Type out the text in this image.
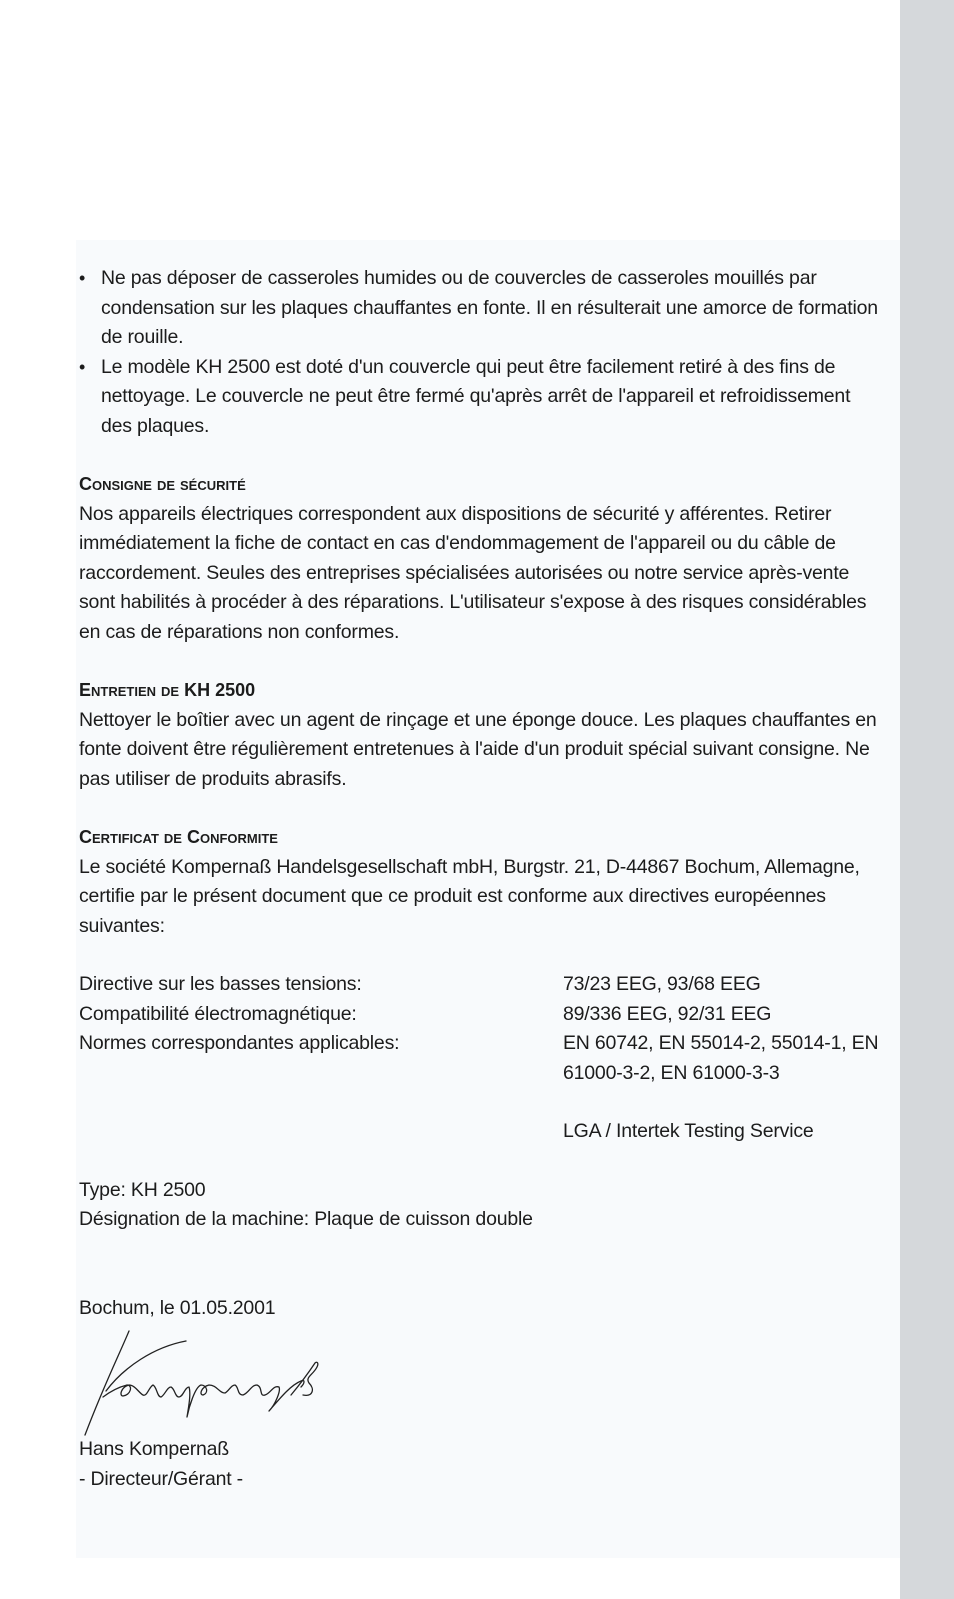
• Ne pas déposer de casseroles humides ou de couvercles de casseroles mouillés par condensation sur les plaques chauffantes en fonte. Il en résulterait une amorce de formation de rouille.
• Le modèle KH 2500 est doté d'un couvercle qui peut être facilement retiré à des fins de nettoyage. Le couvercle ne peut être fermé qu'après arrêt de l'appareil et refroidissement des plaques.
Consigne de sécurité

Nos appareils électriques correspondent aux dispositions de sécurité y afférentes. Retirer immédiatement la fiche de contact en cas d'endommagement de l'appareil ou du câble de raccordement. Seules des entreprises spécialisées autorisées ou notre service après-vente sont habilités à procéder à des réparations. L'utilisateur s'expose à des risques considérables en cas de réparations non conformes.

Entretien de KH 2500

Nettoyer le boîtier avec un agent de rinçage et une éponge douce. Les plaques chauffantes en fonte doivent être régulièrement entretenues à l'aide d'un produit spécial suivant consigne. Ne pas utiliser de produits abrasifs.

Certificat de Conformite

Le société Kompernaß Handelsgesellschaft mbH, Burgstr. 21, D-44867 Bochum, Allemagne, certifie par le présent document que ce produit est conforme aux directives européennes suivantes:

Directive sur les basses tensions:	73/23 EEG, 93/68 EEG
Compatibilité électromagnétique:	89/336 EEG, 92/31 EEG
Normes correspondantes applicables:	EN 60742, EN 55014-2, 55014-1, EN 61000-3-2, EN 61000-3-3
LGA / Intertek Testing Service
Type: KH 2500
Désignation de la machine: Plaque de cuisson double
Bochum, le 01.05.2001
Hans Kompernaß
- Directeur/Gérant -
